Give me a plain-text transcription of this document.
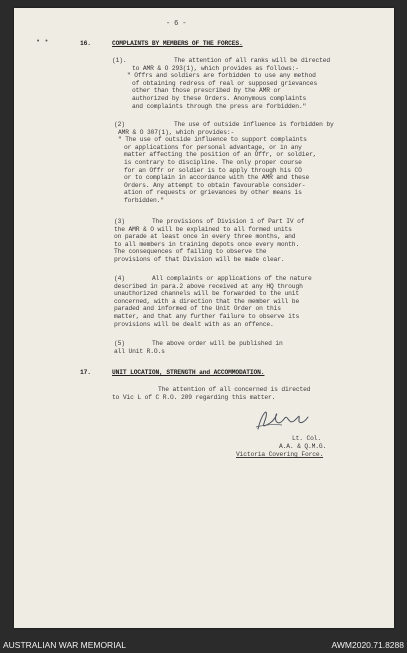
- 6 -
• •	16.	COMPLAINTS BY MEMBERS OF THE FORCES.
(1).	The attention of all ranks will be directed
to AMR & O 293(1), which provides as follows:-
" Offrs and soldiers are forbidden to use any method
of obtaining redress of real or supposed grievances
other than those prescribed by the AMR or
authorized by these Orders. Anonymous complaints
and complaints through the press are forbidden."
(2)	The use of outside influence is forbidden by
AMR & O 307(1), which provides:-
" The use of outside influence to support complaints
or applications for personal advantage, or in any
matter affecting the position of an Offr, or soldier,
is contrary to discipline. The only proper course
for an Offr or soldier is to apply through his CO
or to complain in accordance with the AMR and these
Orders. Any attempt to obtain favourable consider-
ation of requests or grievances by other means is
forbidden."
(3)	The provisions of Division 1 of Part IV of
the AMR & O will be explained to all formed units
on parade at least once in every three months, and
to all members in training depots once every month.
The consequences of failing to observe the
provisions of that Division will be made clear.
(4)	All complaints or applications of the nature
described in para.2 above received at any HQ through
unauthorized channels will be forwarded to the unit
concerned, with a direction that the member will be
paraded and informed of the Unit Order on this
matter, and that any further failure to observe its
provisions will be dealt with as an offence.
(5)	The above order will be published in
all Unit R.O.s
17.	UNIT LOCATION, STRENGTH and ACCOMMODATION.
The attention of all concerned is directed
to Vic L of C R.O. 209 regarding this matter.
Lt. Col.
A.A. & Q.M.G.
Victoria Covering Force.
AUSTRALIAN WAR MEMORIAL	AWM2020.71.8288
